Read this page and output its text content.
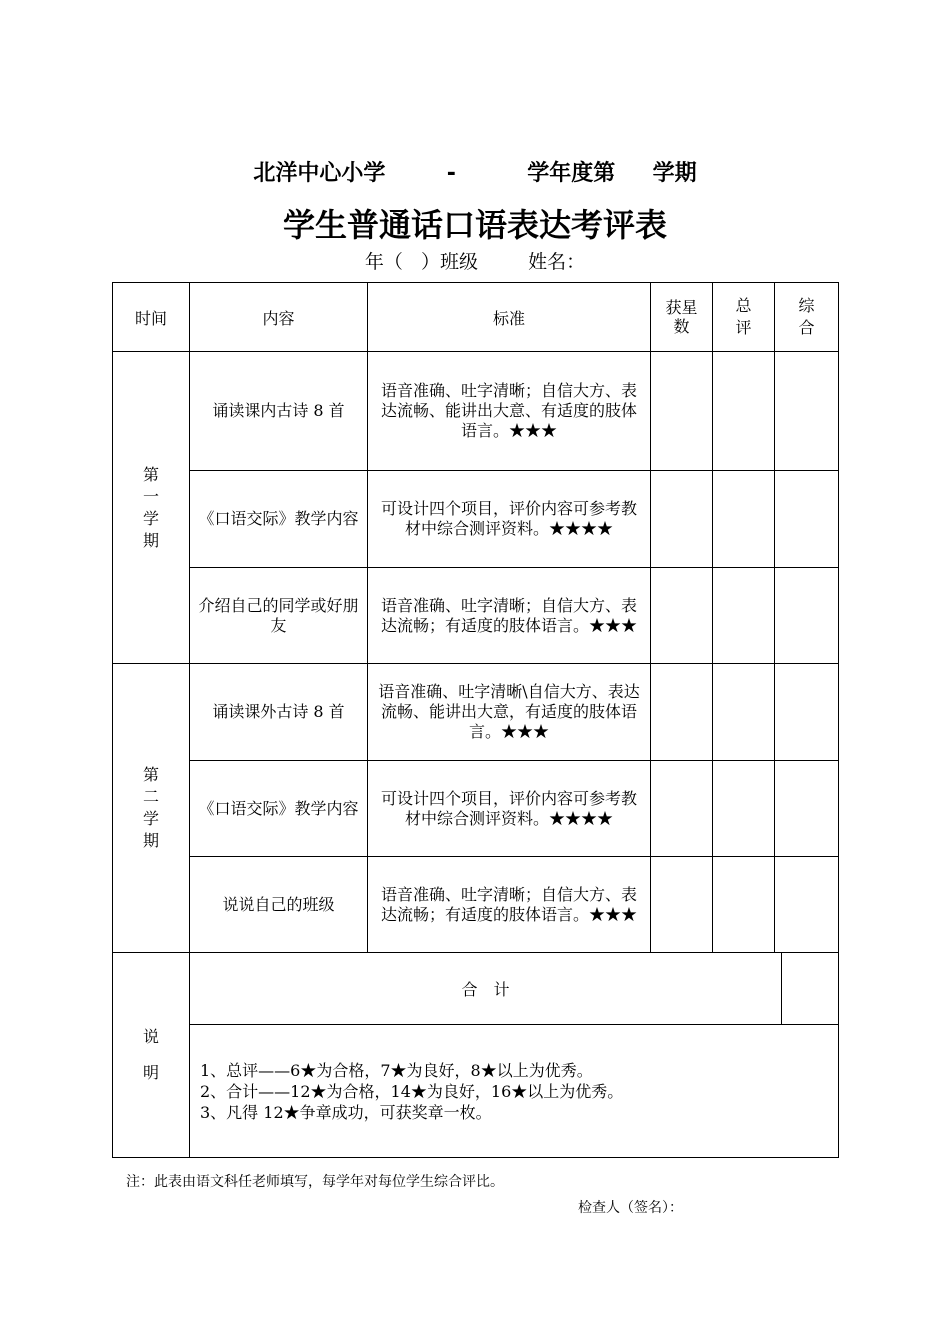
北洋中心小学	-	学年度第 学期
学生普通话口语表达考评表
年（   ）班级	姓名：
时间	内容	标准	获星数	总评	综合
第一学期	诵读课内古诗 8 首	语音准确、吐字清晰；自信大方、表达流畅、能讲出大意、有适度的肢体语言。★★★			
	《口语交际》教学内容	可设计四个项目，评价内容可参考教材中综合测评资料。★★★★			
	介绍自己的同学或好朋友	语音准确、吐字清晰；自信大方、表达流畅；有适度的肢体语言。★★★			
第二学期	诵读课外古诗 8 首	语音准确、吐字清晰\自信大方、表达流畅、能讲出大意，有适度的肢体语言。★★★			
	《口语交际》教学内容	可设计四个项目，评价内容可参考教材中综合测评资料。★★★★			
	说说自己的班级	语音准确、吐字清晰；自信大方、表达流畅；有适度的肢体语言。★★★			
说明	合　计				

	1、总评——6★为合格，7★为良好，8★以上为优秀。
2、合计——12★为合格，14★为良好，16★以上为优秀。
3、凡得 12★争章成功，可获奖章一枚。				
注：此表由语文科任老师填写，每学年对每位学生综合评比。
检查人（签名）：
